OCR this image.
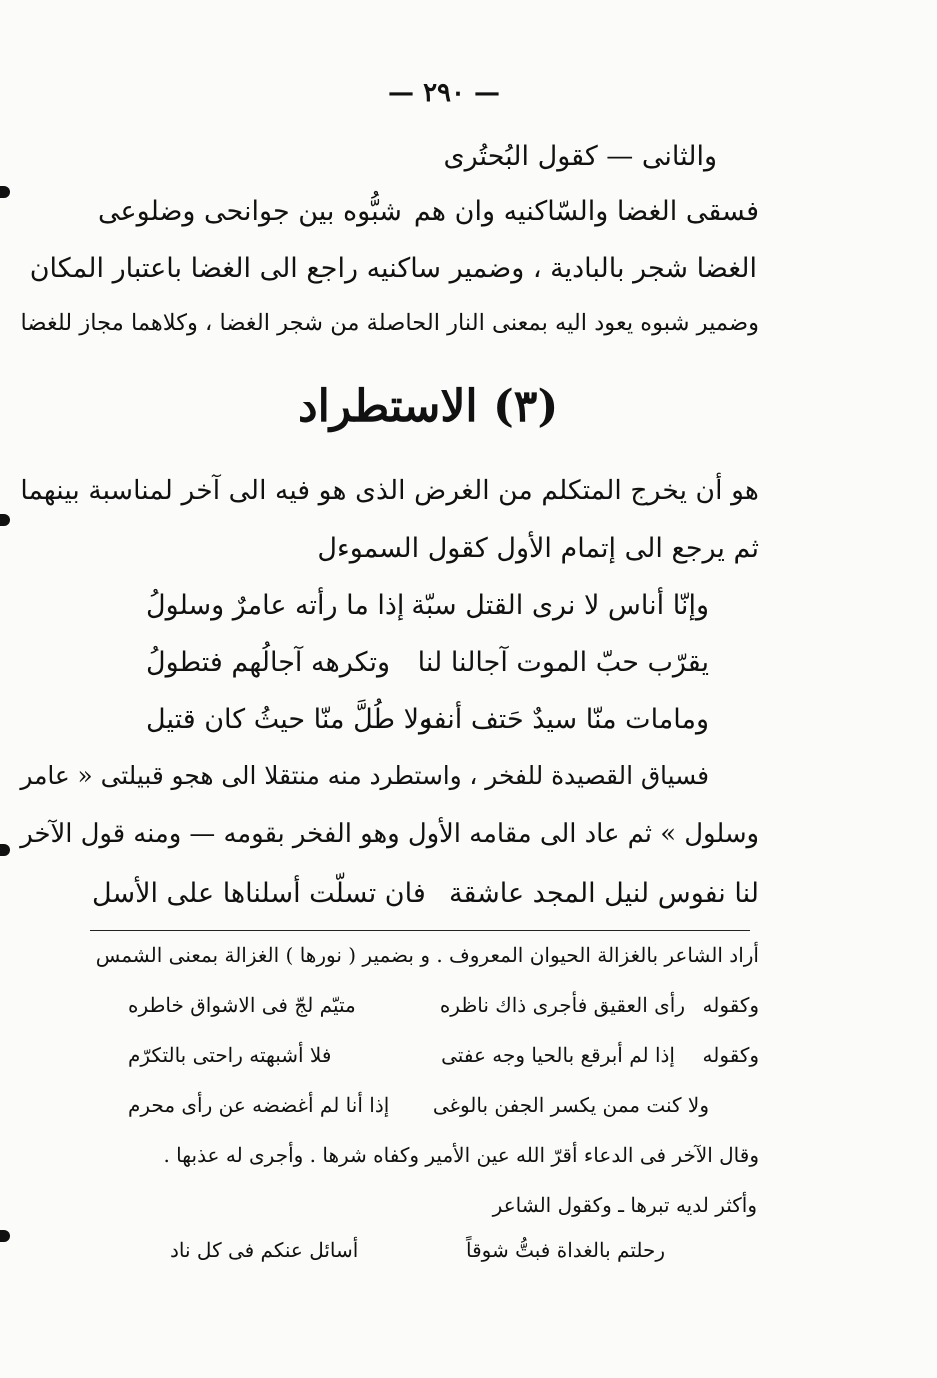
— ٢٩٠ —
والثانى — كقول البُحتُرى
فسقى الغضا والسّاكنيه وان هم
شبُّوه بين جوانحى وضلوعى
الغضا شجر بالبادية ، وضمير ساكنيه راجع الى الغضا باعتبار المكان
وضمير شبوه يعود اليه بمعنى النار الحاصلة من شجر الغضا ، وكلاهما مجاز للغضا
(٣) الاستطراد
هو أن يخرج المتكلم من الغرض الذى هو فيه الى آخر لمناسبة بينهما
ثم يرجع الى إتمام الأول كقول السموءل
وإنّا أناس لا نرى القتل سبّة
إذا ما رأته عامرٌ وسلولُ
يقرّب حبّ الموت آجالنا لنا
وتكرهه آجالُهم فتطولُ
ومامات منّا سيدٌ حَتف أنفه
ولا طُلَّ منّا حيثُ كان قتيل
فسياق القصيدة للفخر ، واستطرد منه منتقلا الى هجو قبيلتى « عامر
وسلول » ثم عاد الى مقامه الأول وهو الفخر بقومه — ومنه قول الآخر
لنا نفوس لنيل المجد عاشقة
فان تسلّت أسلناها على الأسل
أراد الشاعر بالغزالة الحيوان المعروف . و بضمير ( نورها ) الغزالة بمعنى الشمس
وكقوله
رأى العقيق فأجرى ذاك ناظره
متيّم لجّ فى الاشواق خاطره
وكقوله
إذا لم أبرقع بالحيا وجه عفتى
فلا أشبهته راحتى بالتكرّم
ولا كنت ممن يكسر الجفن بالوغى
إذا أنا لم أغضضه عن رأى محرم
وقال الآخر فى الدعاء أقرّ الله عين الأمير وكفاه شرها . وأجرى له عذبها .
وأكثر لديه تبرها ـ وكقول الشاعر
رحلتم بالغداة فبتُّ شوقاً
أسائل عنكم فى كل ناد
